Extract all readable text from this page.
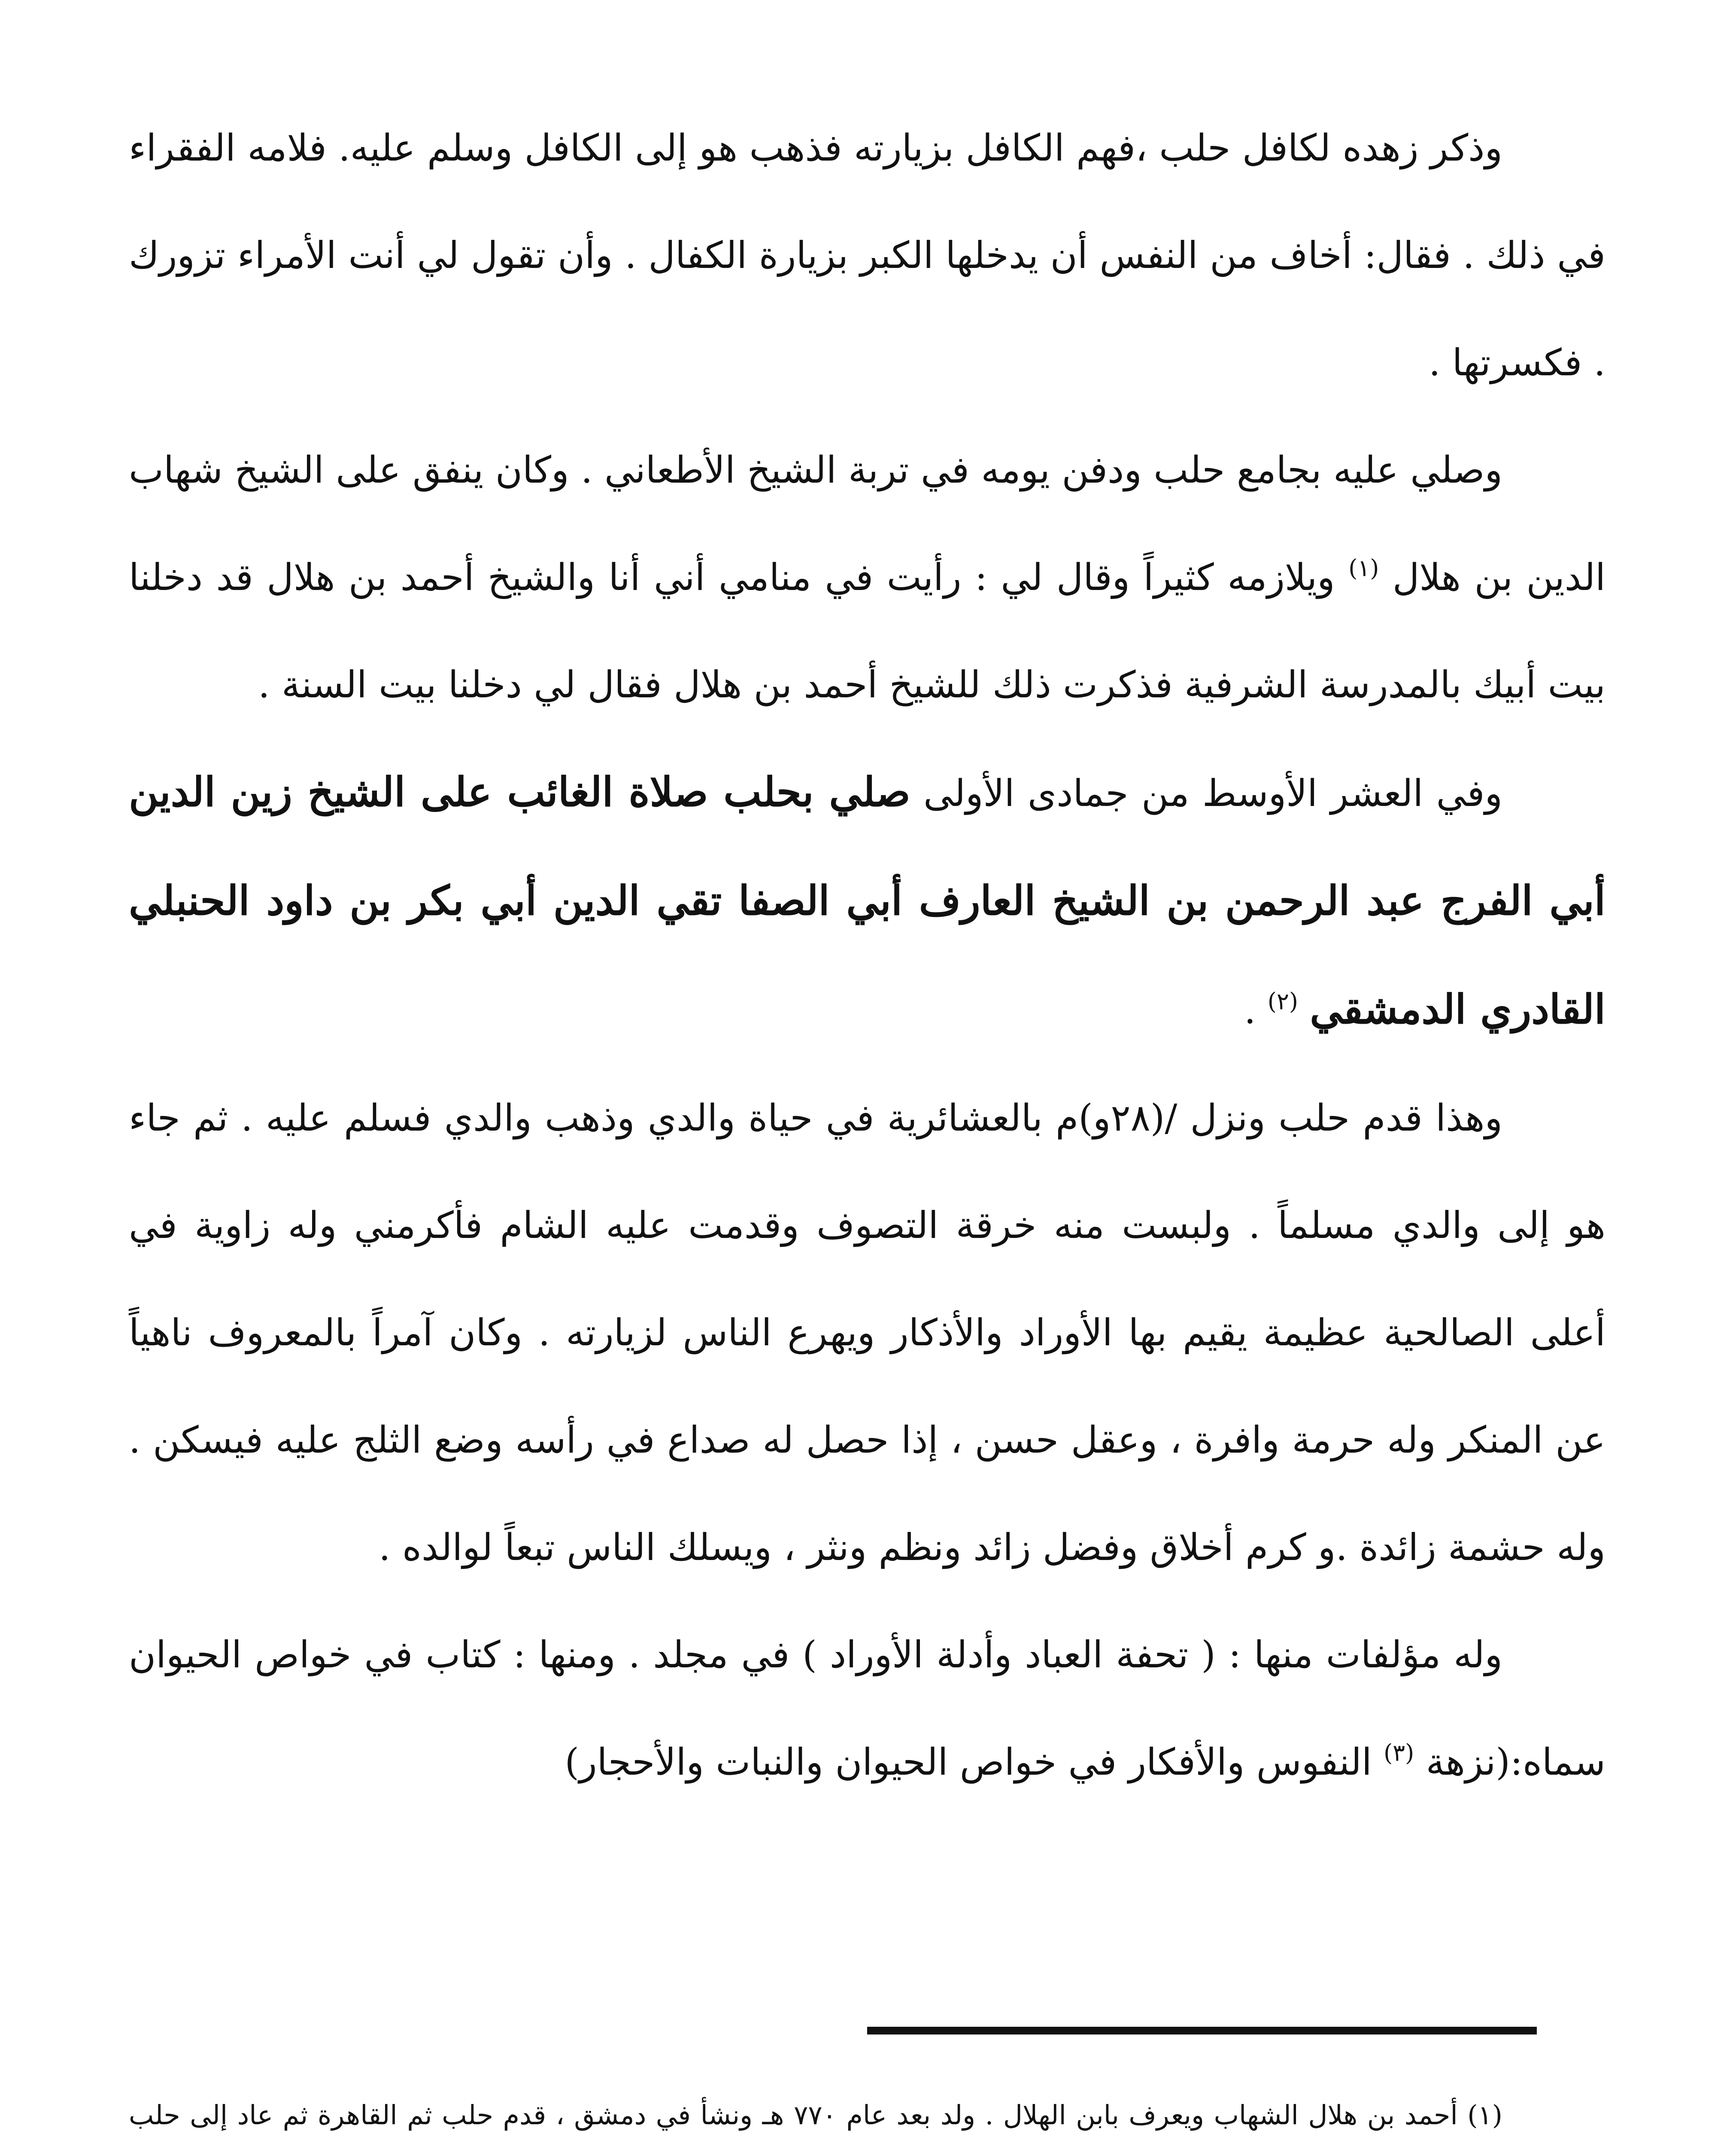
وذكر زهده لكافل حلب ،فهم الكافل بزيارته فذهب هو إلى الكافل وسلم عليه. فلامه الفقراء في ذلك . فقال: أخاف من النفس أن يدخلها الكبر بزيارة الكفال . وأن تقول لي أنت الأمراء تزورك . فكسرتها .

وصلي عليه بجامع حلب ودفن يومه في تربة الشيخ الأطعاني . وكان ينفق على الشيخ شهاب الدين بن هلال $^{(١)}$ ويلازمه كثيراً وقال لي : رأيت في منامي أني أنا والشيخ أحمد بن هلال قد دخلنا بيت أبيك بالمدرسة الشرفية فذكرت ذلك للشيخ أحمد بن هلال فقال لي دخلنا بيت السنة .

وفي العشر الأوسط من جمادى الأولى صلي بحلب صلاة الغائب على الشيخ زين الدين أبي الفرج عبد الرحمن بن الشيخ العارف أبي الصفا تقي الدين أبي بكر بن داود الحنبلي القادري الدمشقي $^{(٢)}$ .

وهذا قدم حلب ونزل /(٢٨و)م بالعشائرية في حياة والدي وذهب والدي فسلم عليه . ثم جاء هو إلى والدي مسلماً . ولبست منه خرقة التصوف وقدمت عليه الشام فأكرمني وله زاوية في أعلى الصالحية عظيمة يقيم بها الأوراد والأذكار ويهرع الناس لزيارته . وكان آمراً بالمعروف ناهياً عن المنكر وله حرمة وافرة ، وعقل حسن ، إذا حصل له صداع في رأسه وضع الثلج عليه فيسكن . وله حشمة زائدة .و كرم أخلاق وفضل زائد ونظم ونثر ، ويسلك الناس تبعاً لوالده .

وله مؤلفات منها : ( تحفة العباد وأدلة الأوراد ) في مجلد . ومنها : كتاب في خواص الحيوان سماه:(نزهة $^{(٣)}$ النفوس والأفكار في خواص الحيوان والنبات والأحجار)

(١) أحمد بن هلال الشهاب ويعرف بابن الهلال . ولد بعد عام ٧٧٠ هـ ونشأ في دمشق ، قدم حلب ثم القاهرة ثم عاد إلى حلب
